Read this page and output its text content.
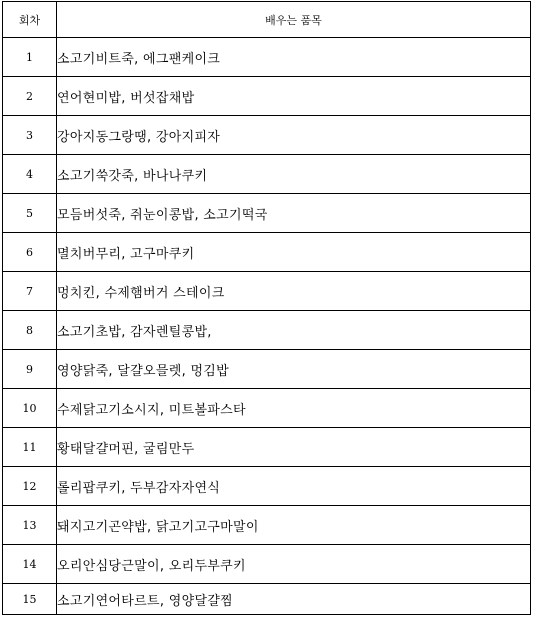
회차	배우는 품목
1	소고기비트죽, 에그팬케이크
2	연어현미밥, 버섯잡채밥
3	강아지동그랑땡, 강아지피자
4	소고기쑥갓죽, 바나나쿠키
5	모듬버섯죽, 쥐눈이콩밥, 소고기떡국
6	멸치버무리, 고구마쿠키
7	멍치킨, 수제햄버거 스테이크
8	소고기초밥, 감자렌틸콩밥,
9	영양닭죽, 달걀오믈렛, 멍김밥
10	수제닭고기소시지, 미트볼파스타
11	황태달걀머핀, 굴림만두
12	롤리팝쿠키, 두부감자자연식
13	돼지고기곤약밥, 닭고기고구마말이
14	오리안심당근말이, 오리두부쿠키
15	소고기연어타르트, 영양달걀찜
